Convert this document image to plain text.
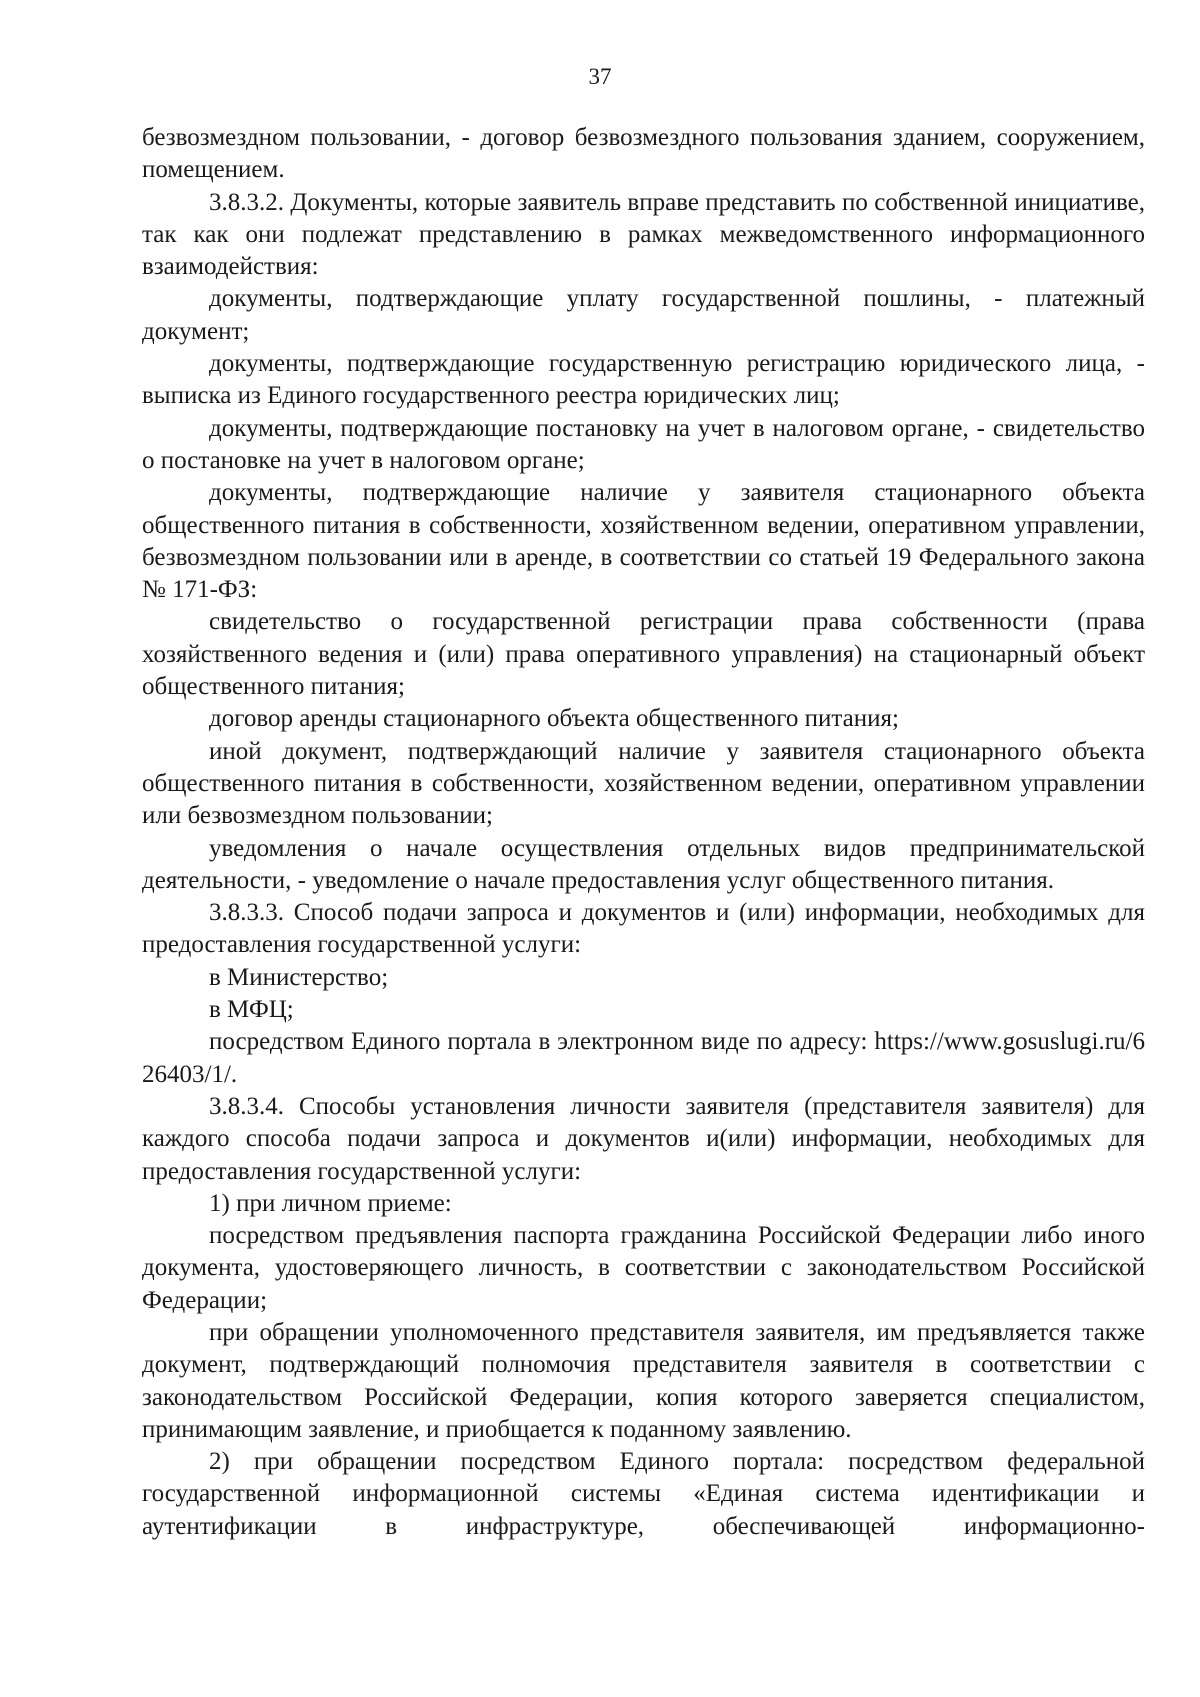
37

безвозмездном пользовании, - договор безвозмездного пользования зданием, сооружением, помещением.

3.8.3.2. Документы, которые заявитель вправе представить по собственной инициативе, так как они подлежат представлению в рамках межведомственного информационного взаимодействия:

документы, подтверждающие уплату государственной пошлины, - платежный документ;

документы, подтверждающие государственную регистрацию юридического лица, - выписка из Единого государственного реестра юридических лиц;

документы, подтверждающие постановку на учет в налоговом органе, - свидетельство о постановке на учет в налоговом органе;

документы, подтверждающие наличие у заявителя стационарного объекта общественного питания в собственности, хозяйственном ведении, оперативном управлении, безвозмездном пользовании или в аренде, в соответствии со статьей 19 Федерального закона № 171-ФЗ:

свидетельство о государственной регистрации права собственности (права хозяйственного ведения и (или) права оперативного управления) на стационарный объект общественного питания;

договор аренды стационарного объекта общественного питания;

иной документ, подтверждающий наличие у заявителя стационарного объекта общественного питания в собственности, хозяйственном ведении, оперативном управлении или безвозмездном пользовании;

уведомления о начале осуществления отдельных видов предпринимательской деятельности, - уведомление о начале предоставления услуг общественного питания.

3.8.3.3. Способ подачи запроса и документов и (или) информации, необходимых для предоставления государственной услуги:

в Министерство;

в МФЦ;

посредством Единого портала в электронном виде по адресу: https://www.gosuslugi.ru/626403/1/.

3.8.3.4. Способы установления личности заявителя (представителя заявителя) для каждого способа подачи запроса и документов и(или) информации, необходимых для предоставления государственной услуги:

1) при личном приеме:

посредством предъявления паспорта гражданина Российской Федерации либо иного документа, удостоверяющего личность, в соответствии с законодательством Российской Федерации;

при обращении уполномоченного представителя заявителя, им предъявляется также документ, подтверждающий полномочия представителя заявителя в соответствии с законодательством Российской Федерации, копия которого заверяется специалистом, принимающим заявление, и приобщается к поданному заявлению.

2) при обращении посредством Единого портала: посредством федеральной государственной информационной системы «Единая система идентификации и аутентификации в инфраструктуре, обеспечивающей информационно-
